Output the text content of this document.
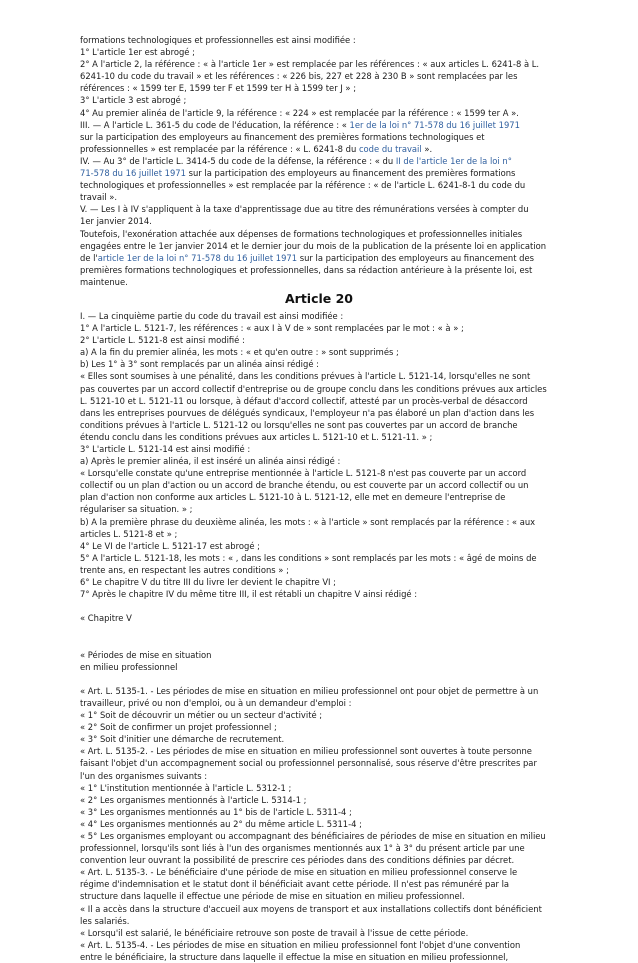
formations technologiques et professionnelles est ainsi modifiée :
1° L'article 1er est abrogé ;
2° A l'article 2, la référence : « à l'article 1er » est remplacée par les références : « aux articles L. 6241-8 à L.
6241-10 du code du travail » et les références : « 226 bis, 227 et 228 à 230 B » sont remplacées par les
références : « 1599 ter E, 1599 ter F et 1599 ter H à 1599 ter J » ;
3° L'article 3 est abrogé ;
4° Au premier alinéa de l'article 9, la référence : « 224 » est remplacée par la référence : « 1599 ter A ».
III. — A l'article L. 361-5 du code de l'éducation, la référence : « 1er de la loi n° 71-578 du 16 juillet 1971
sur la participation des employeurs au financement des premières formations technologiques et
professionnelles » est remplacée par la référence : « L. 6241-8 du code du travail ».
IV. — Au 3° de l'article L. 3414-5 du code de la défense, la référence : « du II de l'article 1er de la loi n°
71-578 du 16 juillet 1971 sur la participation des employeurs au financement des premières formations
technologiques et professionnelles » est remplacée par la référence : « de l'article L. 6241-8-1 du code du
travail ».
V. — Les I à IV s'appliquent à la taxe d'apprentissage due au titre des rémunérations versées à compter du
1er janvier 2014.
Toutefois, l'exonération attachée aux dépenses de formations technologiques et professionnelles initiales
engagées entre le 1er janvier 2014 et le dernier jour du mois de la publication de la présente loi en application
de l'article 1er de la loi n° 71-578 du 16 juillet 1971 sur la participation des employeurs au financement des
premières formations technologiques et professionnelles, dans sa rédaction antérieure à la présente loi, est
maintenue.
Article 20
I. — La cinquième partie du code du travail est ainsi modifiée :
1° A l'article L. 5121-7, les références : « aux I à V de » sont remplacées par le mot : « à » ;
2° L'article L. 5121-8 est ainsi modifié :
a) A la fin du premier alinéa, les mots : « et qu'en outre : » sont supprimés ;
b) Les 1° à 3° sont remplacés par un alinéa ainsi rédigé :
« Elles sont soumises à une pénalité, dans les conditions prévues à l'article L. 5121-14, lorsqu'elles ne sont
pas couvertes par un accord collectif d'entreprise ou de groupe conclu dans les conditions prévues aux articles
L. 5121-10 et L. 5121-11 ou lorsque, à défaut d'accord collectif, attesté par un procès-verbal de désaccord
dans les entreprises pourvues de délégués syndicaux, l'employeur n'a pas élaboré un plan d'action dans les
conditions prévues à l'article L. 5121-12 ou lorsqu'elles ne sont pas couvertes par un accord de branche
étendu conclu dans les conditions prévues aux articles L. 5121-10 et L. 5121-11. » ;
3° L'article L. 5121-14 est ainsi modifié :
a) Après le premier alinéa, il est inséré un alinéa ainsi rédigé :
« Lorsqu'elle constate qu'une entreprise mentionnée à l'article L. 5121-8 n'est pas couverte par un accord
collectif ou un plan d'action ou un accord de branche étendu, ou est couverte par un accord collectif ou un
plan d'action non conforme aux articles L. 5121-10 à L. 5121-12, elle met en demeure l'entreprise de
régulariser sa situation. » ;
b) A la première phrase du deuxième alinéa, les mots : « à l'article » sont remplacés par la référence : « aux
articles L. 5121-8 et » ;
4° Le VI de l'article L. 5121-17 est abrogé ;
5° A l'article L. 5121-18, les mots : « , dans les conditions » sont remplacés par les mots : « âgé de moins de
trente ans, en respectant les autres conditions » ;
6° Le chapitre V du titre III du livre Ier devient le chapitre VI ;
7° Après le chapitre IV du même titre III, il est rétabli un chapitre V ainsi rédigé :
« Chapitre V
« Périodes de mise en situation
en milieu professionnel
« Art. L. 5135-1. - Les périodes de mise en situation en milieu professionnel ont pour objet de permettre à un
travailleur, privé ou non d'emploi, ou à un demandeur d'emploi :
« 1° Soit de découvrir un métier ou un secteur d'activité ;
« 2° Soit de confirmer un projet professionnel ;
« 3° Soit d'initier une démarche de recrutement.
« Art. L. 5135-2. - Les périodes de mise en situation en milieu professionnel sont ouvertes à toute personne
faisant l'objet d'un accompagnement social ou professionnel personnalisé, sous réserve d'être prescrites par
l'un des organismes suivants :
« 1° L'institution mentionnée à l'article L. 5312-1 ;
« 2° Les organismes mentionnés à l'article L. 5314-1 ;
« 3° Les organismes mentionnés au 1° bis de l'article L. 5311-4 ;
« 4° Les organismes mentionnés au 2° du même article L. 5311-4 ;
« 5° Les organismes employant ou accompagnant des bénéficiaires de périodes de mise en situation en milieu
professionnel, lorsqu'ils sont liés à l'un des organismes mentionnés aux 1° à 3° du présent article par une
convention leur ouvrant la possibilité de prescrire ces périodes dans des conditions définies par décret.
« Art. L. 5135-3. - Le bénéficiaire d'une période de mise en situation en milieu professionnel conserve le
régime d'indemnisation et le statut dont il bénéficiait avant cette période. Il n'est pas rémunéré par la
structure dans laquelle il effectue une période de mise en situation en milieu professionnel.
« Il a accès dans la structure d'accueil aux moyens de transport et aux installations collectifs dont bénéficient
les salariés.
« Lorsqu'il est salarié, le bénéficiaire retrouve son poste de travail à l'issue de cette période.
« Art. L. 5135-4. - Les périodes de mise en situation en milieu professionnel font l'objet d'une convention
entre le bénéficiaire, la structure dans laquelle il effectue la mise en situation en milieu professionnel,
